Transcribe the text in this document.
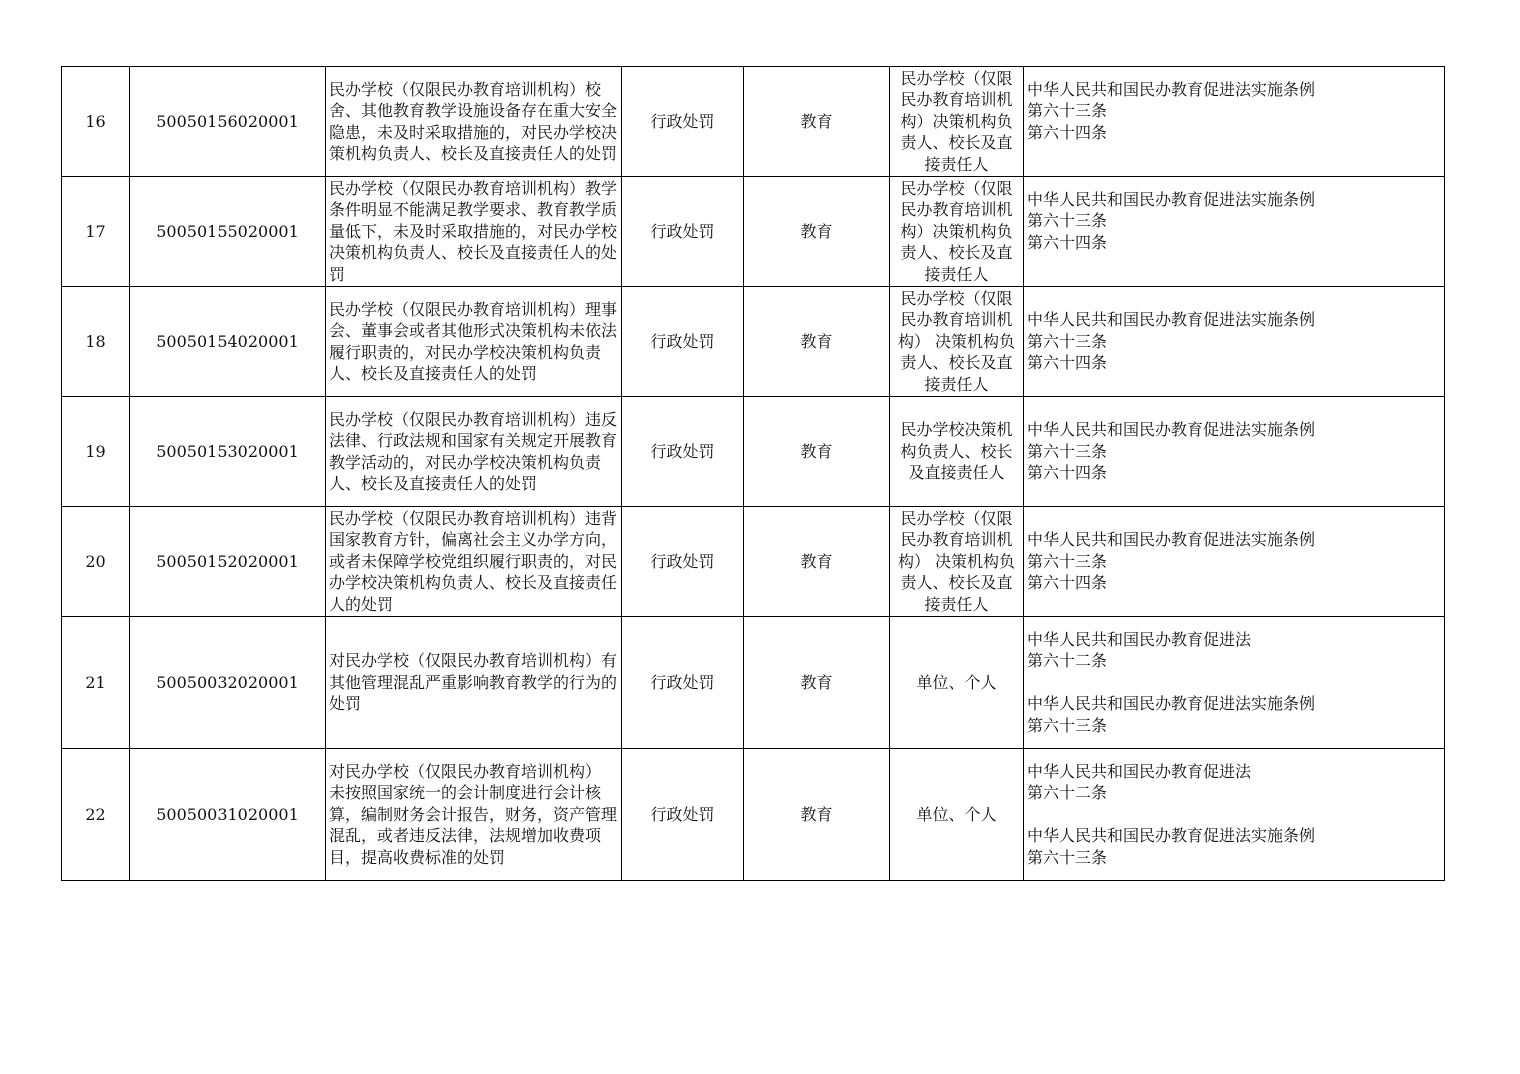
16	50050156020001	民办学校（仅限民办教育培训机构）校舍、其他教育教学设施设备存在重大安全隐患，未及时采取措施的，对民办学校决策机构负责人、校长及直接责任人的处罚	行政处罚	教育	民办学校（仅限民办教育培训机构）决策机构负责人、校长及直接责任人	中华人民共和国民办教育促进法实施条例
第六十三条
第六十四条

17	50050155020001	民办学校（仅限民办教育培训机构）教学条件明显不能满足教学要求、教育教学质量低下，未及时采取措施的，对民办学校决策机构负责人、校长及直接责任人的处罚	行政处罚	教育	民办学校（仅限民办教育培训机构）决策机构负责人、校长及直接责任人	中华人民共和国民办教育促进法实施条例
第六十三条
第六十四条

18	50050154020001	民办学校（仅限民办教育培训机构）理事会、董事会或者其他形式决策机构未依法履行职责的，对民办学校决策机构负责人、校长及直接责任人的处罚	行政处罚	教育	民办学校（仅限民办教育培训机构） 决策机构负责人、校长及直接责任人	中华人民共和国民办教育促进法实施条例
第六十三条
第六十四条

19	50050153020001	民办学校（仅限民办教育培训机构）违反法律、行政法规和国家有关规定开展教育教学活动的，对民办学校决策机构负责人、校长及直接责任人的处罚	行政处罚	教育	民办学校决策机构负责人、校长及直接责任人	中华人民共和国民办教育促进法实施条例
第六十三条
第六十四条

20	50050152020001	民办学校（仅限民办教育培训机构）违背国家教育方针，偏离社会主义办学方向，或者未保障学校党组织履行职责的，对民办学校决策机构负责人、校长及直接责任人的处罚	行政处罚	教育	民办学校（仅限民办教育培训机构） 决策机构负责人、校长及直接责任人	中华人民共和国民办教育促进法实施条例
第六十三条
第六十四条

21	50050032020001	对民办学校（仅限民办教育培训机构）有其他管理混乱严重影响教育教学的行为的处罚	行政处罚	教育	单位、个人	中华人民共和国民办教育促进法
第六十二条
中华人民共和国民办教育促进法实施条例
第六十三条

22	50050031020001	对民办学校（仅限民办教育培训机构） 未按照国家统一的会计制度进行会计核算，编制财务会计报告，财务，资产管理混乱，或者违反法律，法规增加收费项目，提高收费标准的处罚	行政处罚	教育	单位、个人	中华人民共和国民办教育促进法
第六十二条
中华人民共和国民办教育促进法实施条例
第六十三条
